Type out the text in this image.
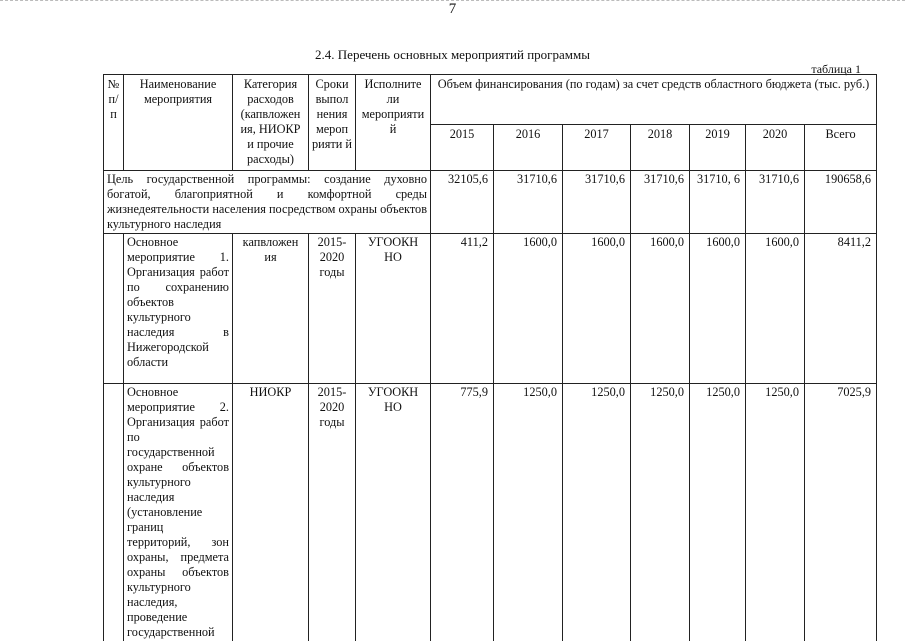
7
2.4. Перечень основных мероприятий программы
таблица 1
№ п/ п	Наименование мероприятия	Категория расходов (капвложен ия, НИОКР и прочие расходы)	Сроки выпол нения мероп рияти й	Исполните ли мероприяти й	Объем финансирования (по годам) за счет средств областного бюджета (тыс. руб.)						
					2015	2016	2017	2018	2019	2020	Всего
Цель государственной программы: создание духовно богатой, благоприятной и комфортной среды жизнедеятельности населения посредством охраны объектов культурного наследия					32105,6	31710,6	31710,6	31710,6	31710, 6	31710,6	190658,6
	Основное мероприятие 1. Организация работ по сохранению объектов культурного наследия в Нижегородской области	капвложен ия	2015- 2020 годы	УГООКН НО	411,2	1600,0	1600,0	1600,0	1600,0	1600,0	8411,2
	Основное мероприятие 2. Организация работ по государственной охране объектов культурного наследия (установление границ территорий, зон охраны, предмета охраны объектов культурного наследия, проведение государственной	НИОКР	2015- 2020 годы	УГООКН НО	775,9	1250,0	1250,0	1250,0	1250,0	1250,0	7025,9
